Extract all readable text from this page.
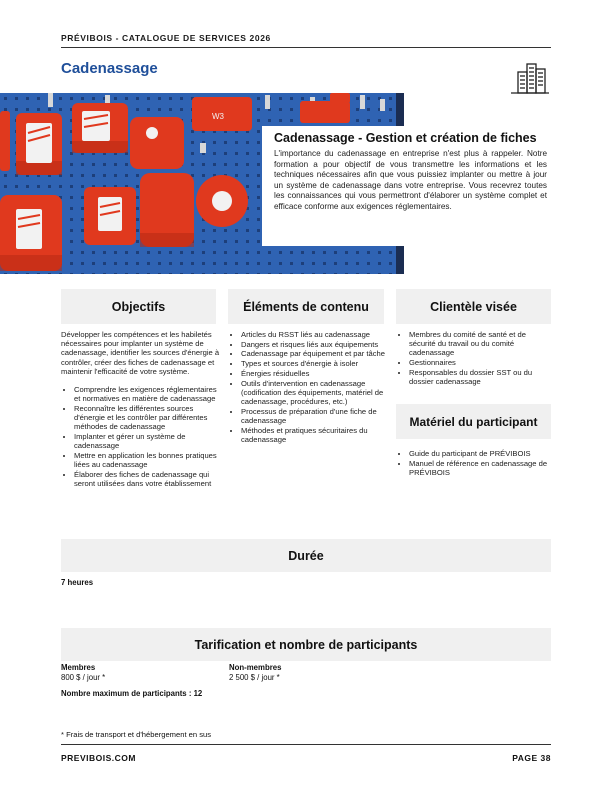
PRÉVIBOIS - CATALOGUE DE SERVICES 2026
Cadenassage
W3
Cadenassage - Gestion et création de fiches
L'importance du cadenassage en entreprise n'est plus à rappeler. Notre formation a pour objectif de vous transmettre les informations et les techniques nécessaires afin que vous puissiez implanter ou mettre à jour un système de cadenassage dans votre entreprise. Vous recevrez toutes les connaissances qui vous permettront d'élaborer un système complet et efficace conforme aux exigences réglementaires.
Objectifs
Développer les compétences et les habiletés nécessaires pour implanter un système de cadenassage, identifier les sources d'énergie à contrôler, créer des fiches de cadenassage et maintenir l'efficacité de votre système.
• Comprendre les exigences réglementaires et normatives en matière de cadenassage
• Reconnaître les différentes sources d'énergie et les contrôler par différentes méthodes de cadenassage
• Implanter et gérer un système de cadenassage
• Mettre en application les bonnes pratiques liées au cadenassage
• Élaborer des fiches de cadenassage qui seront utilisées dans votre établissement
Éléments de contenu
• Articles du RSST liés au cadenassage
• Dangers et risques liés aux équipements
• Cadenassage par équipement et par tâche
• Types et sources d'énergie à isoler
• Énergies résiduelles
• Outils d'intervention en cadenassage (codification des équipements, matériel de cadenassage, procédures, etc.)
• Processus de préparation d'une fiche de cadenassage
• Méthodes et pratiques sécuritaires du cadenassage
Clientèle visée
• Membres du comité de santé et de sécurité du travail ou du comité cadenassage
• Gestionnaires
• Responsables du dossier SST ou du dossier cadenassage
Matériel du participant
• Guide du participant de PRÉVIBOIS
• Manuel de référence en cadenassage de PRÉVIBOIS
Durée
7 heures
Tarification et nombre de participants
Membres
800 $ / jour *
Non-membres
2 500 $ / jour *
Nombre maximum de participants : 12
* Frais de transport et d'hébergement en sus
PREVIBOIS.COM	PAGE 38
